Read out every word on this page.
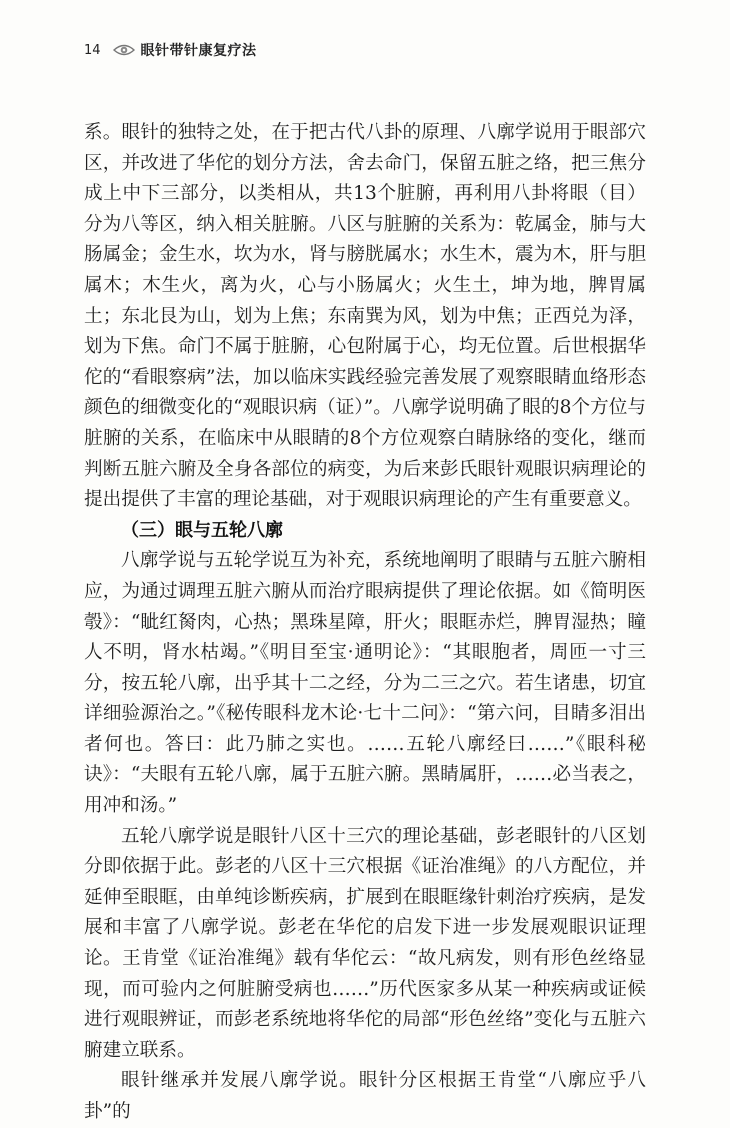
14	眼针带针康复疗法

系。眼针的独特之处，在于把古代八卦的原理、八廓学说用于眼部穴区，并改进了华佗的划分方法，舍去命门，保留五脏之络，把三焦分成上中下三部分，以类相从，共13个脏腑，再利用八卦将眼（目）分为八等区，纳入相关脏腑。八区与脏腑的关系为：乾属金，肺与大肠属金；金生水，坎为水，肾与膀胱属水；水生木，震为木，肝与胆属木；木生火，离为火，心与小肠属火；火生土，坤为地，脾胃属土；东北艮为山，划为上焦；东南巽为风，划为中焦；正西兑为泽，划为下焦。命门不属于脏腑，心包附属于心，均无位置。后世根据华佗的“看眼察病”法，加以临床实践经验完善发展了观察眼睛血络形态颜色的细微变化的“观眼识病（证）”。八廓学说明确了眼的8个方位与脏腑的关系，在临床中从眼睛的8个方位观察白睛脉络的变化，继而判断五脏六腑及全身各部位的病变，为后来彭氏眼针观眼识病理论的提出提供了丰富的理论基础，对于观眼识病理论的产生有重要意义。

（三）眼与五轮八廓

八廓学说与五轮学说互为补充，系统地阐明了眼睛与五脏六腑相应，为通过调理五脏六腑从而治疗眼病提供了理论依据。如《简明医彀》：“眦红胬肉，心热；黑珠星障，肝火；眼眶赤烂，脾胃湿热；瞳人不明，肾水枯竭。”《明目至宝·通明论》：“其眼胞者，周匝一寸三分，按五轮八廓，出乎其十二之经，分为二三之穴。若生诸患，切宜详细验源治之。”《秘传眼科龙木论·七十二问》：“第六问，目睛多泪出者何也。答曰：此乃肺之实也。……五轮八廓经曰……”《眼科秘诀》：“夫眼有五轮八廓，属于五脏六腑。黑睛属肝，……必当表之，用冲和汤。”

五轮八廓学说是眼针八区十三穴的理论基础，彭老眼针的八区划分即依据于此。彭老的八区十三穴根据《证治准绳》的八方配位，并延伸至眼眶，由单纯诊断疾病，扩展到在眼眶缘针刺治疗疾病，是发展和丰富了八廓学说。彭老在华佗的启发下进一步发展观眼识证理论。王肯堂《证治准绳》载有华佗云：“故凡病发，则有形色丝络显现，而可验内之何脏腑受病也……”历代医家多从某一种疾病或证候进行观眼辨证，而彭老系统地将华佗的局部“形色丝络”变化与五脏六腑建立联系。

眼针继承并发展八廓学说。眼针分区根据王肯堂“八廓应乎八卦”的
